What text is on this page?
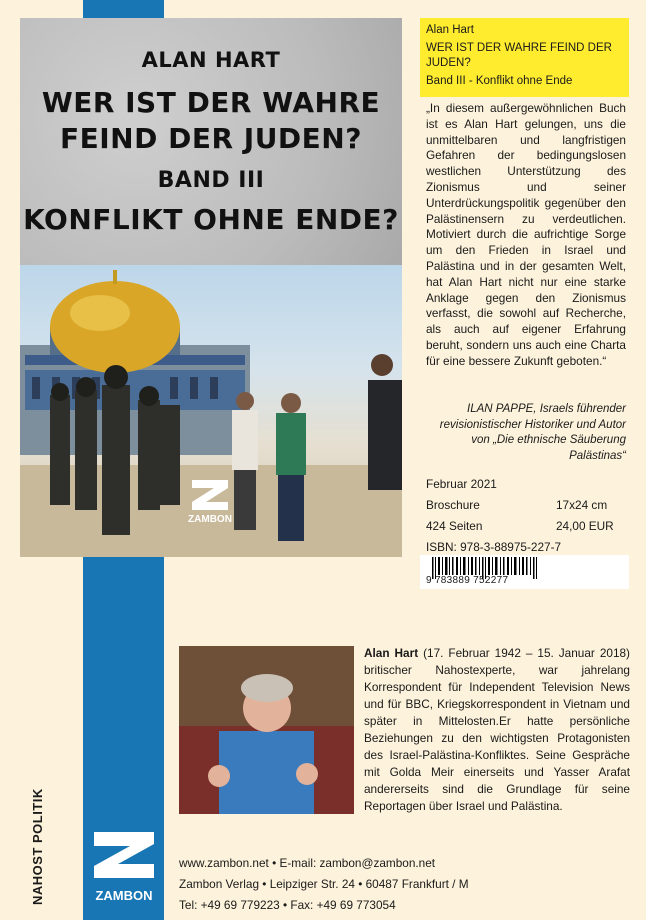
ALAN HART
WER IST DER WAHRE
FEIND DER JUDEN?
BAND III
KONFLIKT OHNE ENDE?
ZAMBON
Alan Hart
WER IST DER WAHRE FEIND DER JUDEN?
Band III - Konflikt ohne Ende
„In diesem außergewöhnlichen Buch ist es Alan Hart gelungen, uns die unmittelbaren und langfristigen Gefahren der bedingungslosen westlichen Unterstützung des Zionismus und seiner Unterdrückungspolitik gegenüber den Palästinensern zu verdeutlichen. Motiviert durch die aufrichtige Sorge um den Frieden in Israel und Palästina und in der gesamten Welt, hat Alan Hart nicht nur eine starke Anklage gegen den Zionismus verfasst, die sowohl auf Recherche, als auch auf eigener Erfahrung beruht, sondern uns auch eine Charta für eine bessere Zukunft geboten.“
ILAN PAPPE, Israels führender revisionistischer Historiker und Autor von „Die ethnische Säuberung Palästinas“
Februar 2021
Broschure	17x24 cm
424 Seiten	24,00 EUR
ISBN: 978-3-88975-227-7
9 783889 752277
Alan Hart (17. Februar 1942 – 15. Januar 2018) britischer Nahostexperte, war jahrelang Korrespondent für Independent Television News und für BBC, Kriegskorrespondent in Vietnam und später in Mittelosten.Er hatte persönliche Beziehungen zu den wichtigsten Protagonisten des Israel-Palästina-Konfliktes. Seine Gespräche mit Golda Meir einerseits und Yasser Arafat andererseits sind die Grundlage für seine Reportagen über Israel und Palästina.
NAHOST POLITIK	ZAMBON
www.zambon.net • E-mail: zambon@zambon.net
Zambon Verlag • Leipziger Str. 24 • 60487 Frankfurt / M
Tel: +49 69 779223 • Fax: +49 69 773054
